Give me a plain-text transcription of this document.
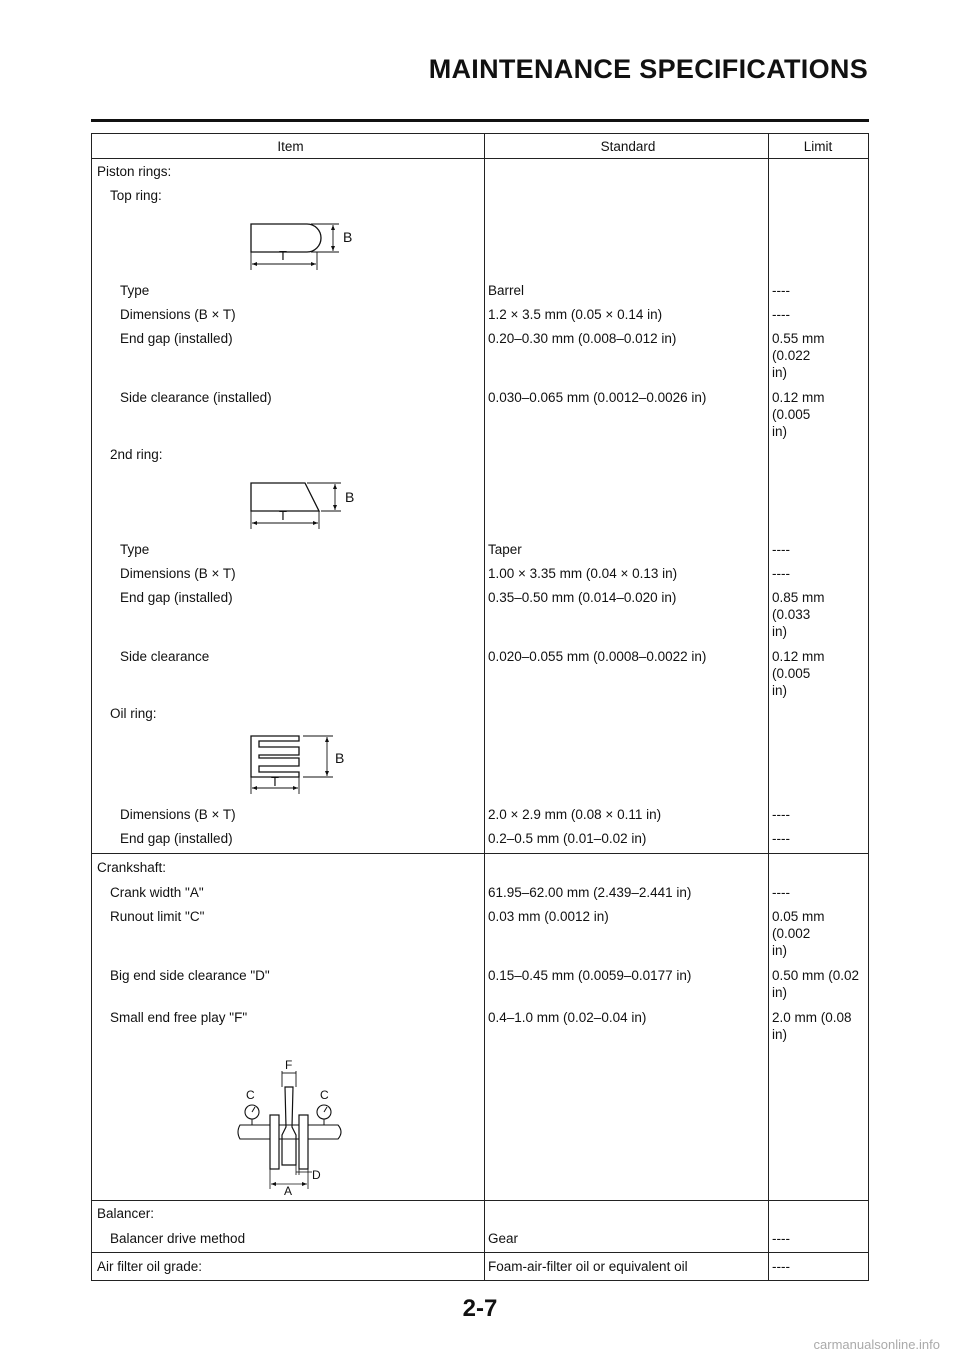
MAINTENANCE SPECIFICATIONS
Item	Standard	Limit
Piston rings:		

Top ring:		

B
T		

Type	Barrel	----

Dimensions (B × T)	1.2 × 3.5 mm (0.05 × 0.14 in)	----

End gap (installed)	0.20–0.30 mm (0.008–0.012 in)	0.55 mm (0.022
in)

Side clearance (installed)	0.030–0.065 mm (0.0012–0.0026 in)	0.12 mm (0.005
in)

2nd ring:		

B
T		

Type	Taper	----

Dimensions (B × T)	1.00 × 3.35 mm (0.04 × 0.13 in)	----

End gap (installed)	0.35–0.50 mm (0.014–0.020 in)	0.85 mm (0.033
in)

Side clearance	0.020–0.055 mm (0.0008–0.0022 in)	0.12 mm (0.005
in)

Oil ring:		

B
T		

Dimensions (B × T)	2.0 × 2.9 mm (0.08 × 0.11 in)	----

End gap (installed)	0.2–0.5 mm (0.01–0.02 in)	----
Crankshaft:		

Crank width "A"	61.95–62.00 mm (2.439–2.441 in)	----

Runout limit "C"	0.03 mm (0.0012 in)	0.05 mm (0.002
in)

Big end side clearance "D"	0.15–0.45 mm (0.0059–0.0177 in)	0.50 mm (0.02
in)

Small end free play "F"	0.4–1.0 mm (0.02–0.04 in)	2.0 mm (0.08
in)

F
C C
D
A		

Balancer:		

Balancer drive method	Gear	----
Air filter oil grade:	Foam-air-filter oil or equivalent oil	----
2-7
carmanualsonline.info
